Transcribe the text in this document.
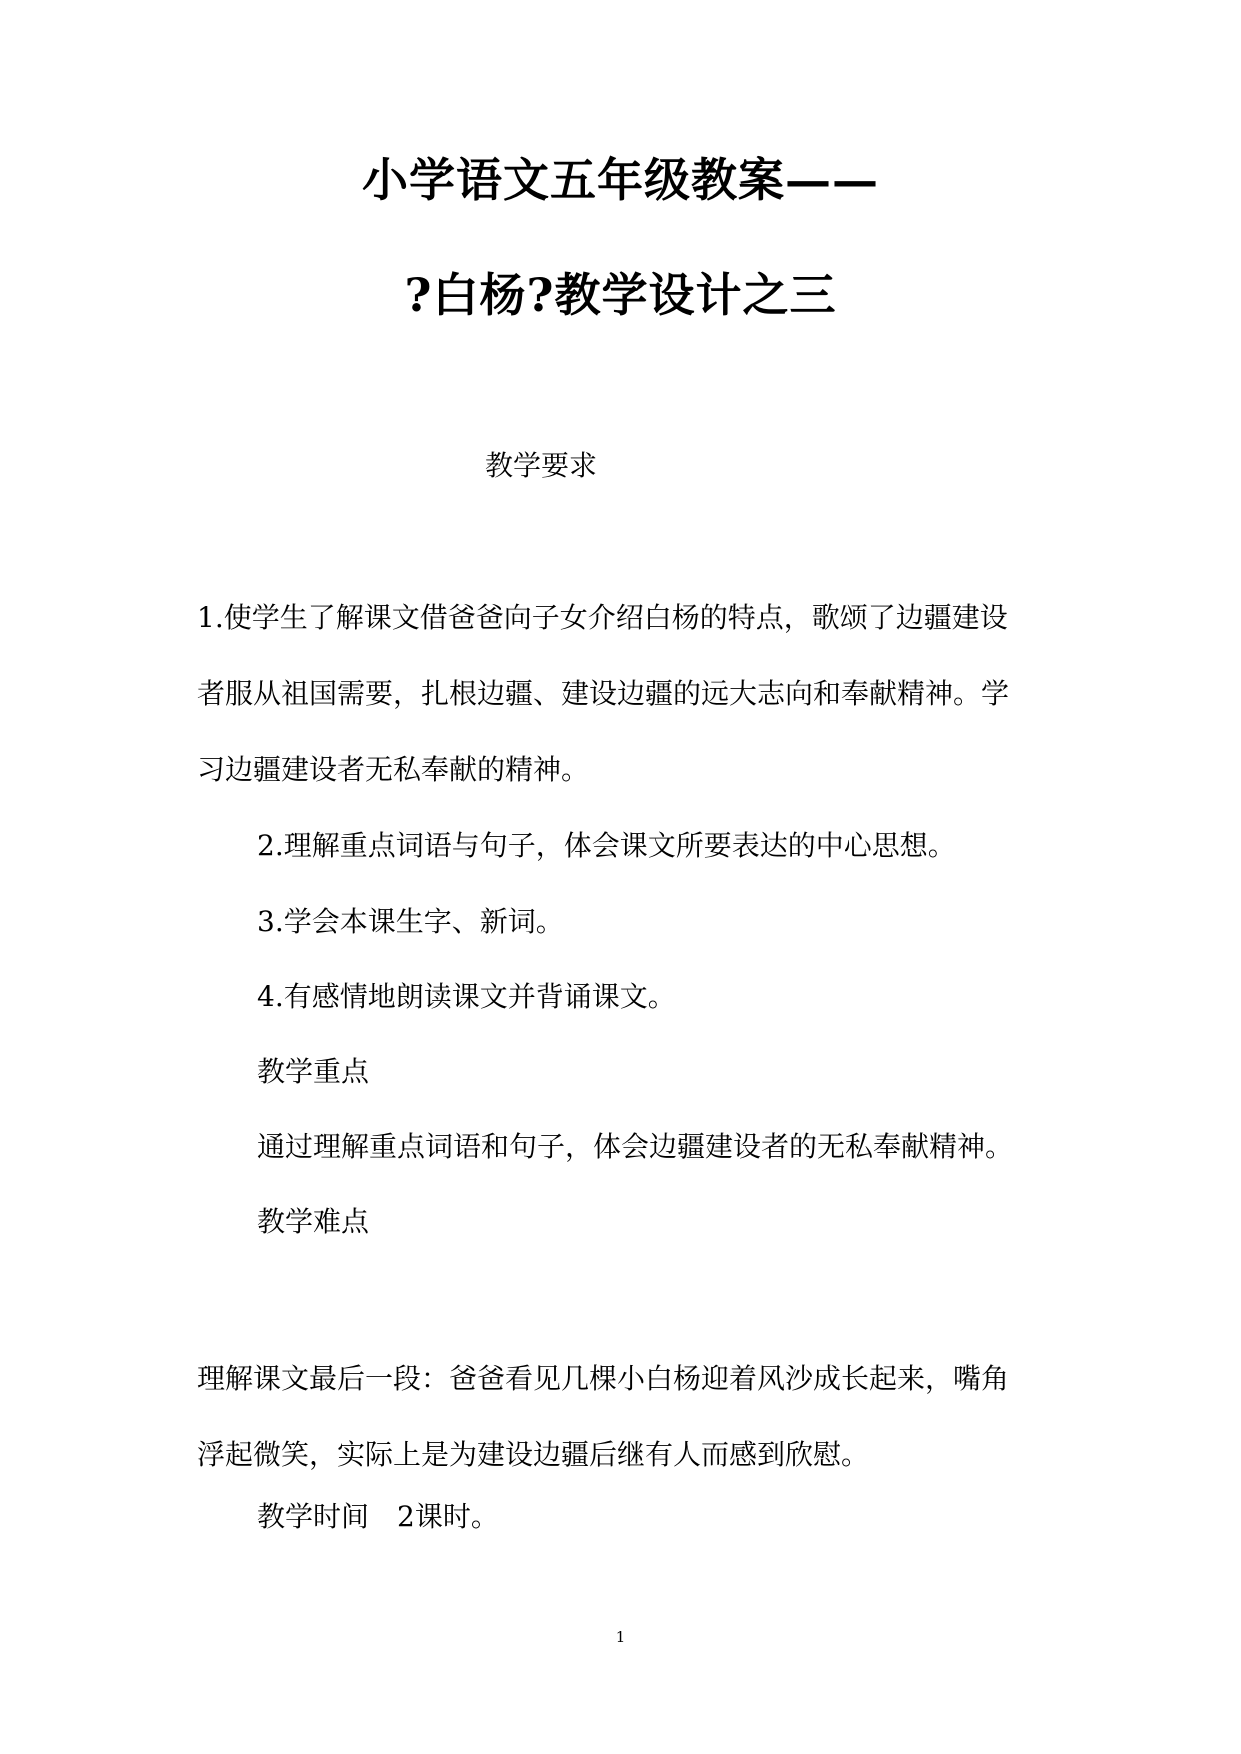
小学语文五年级教案——
?白杨?教学设计之三

教学要求

1.使学生了解课文借爸爸向子女介绍白杨的特点，歌颂了边疆建设

者服从祖国需要，扎根边疆、建设边疆的远大志向和奉献精神。学

习边疆建设者无私奉献的精神。

2.理解重点词语与句子，体会课文所要表达的中心思想。

3.学会本课生字、新词。

4.有感情地朗读课文并背诵课文。

教学重点

通过理解重点词语和句子，体会边疆建设者的无私奉献精神。

教学难点

理解课文最后一段：爸爸看见几棵小白杨迎着风沙成长起来，嘴角

浮起微笑，实际上是为建设边疆后继有人而感到欣慰。

教学时间　2课时。

1
